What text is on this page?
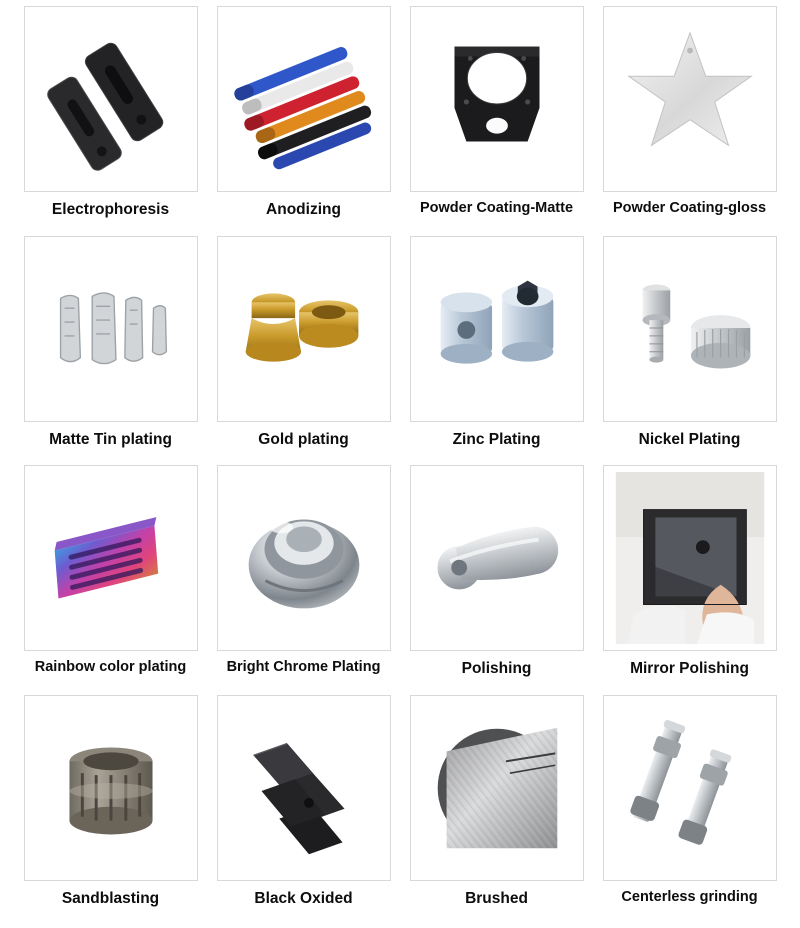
Electrophoresis	Anodizing	Powder Coating-Matte	Powder Coating-gloss
Matte Tin plating	Gold plating	Zinc Plating	Nickel Plating
Rainbow color plating	Bright Chrome Plating	Polishing	Mirror Polishing
Sandblasting	Black Oxided	Brushed	Centerless grinding
